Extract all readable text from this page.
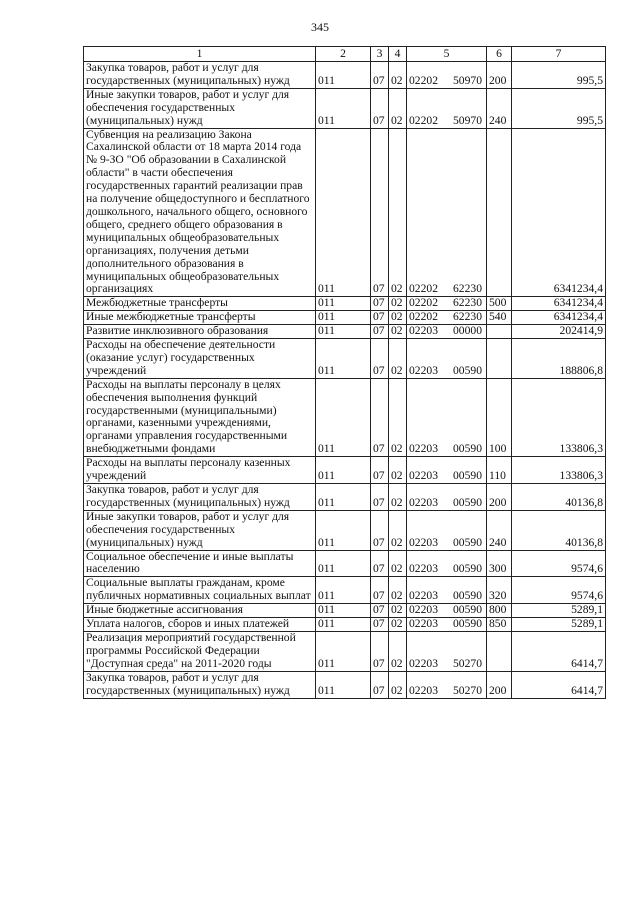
345
1	2	3	4	5	6	7
Закупка товаров, работ и услуг для государственных (муниципальных) нужд	011	07	02	02202 50970	200	995,5
Иные закупки товаров, работ и услуг для обеспечения государственных (муниципальных) нужд	011	07	02	02202 50970	240	995,5
Субвенция на реализацию Закона Сахалинской области от 18 марта 2014 года № 9-ЗО "Об образовании в Сахалинской области" в части обеспечения государственных гарантий реализации прав на получение общедоступного и бесплатного дошкольного, начального общего, основного общего, среднего общего образования в муниципальных общеобразовательных организациях, получения детьми дополнительного образования в муниципальных общеобразовательных организациях	011	07	02	02202 62230		6341234,4
Межбюджетные трансферты	011	07	02	02202 62230	500	6341234,4
Иные межбюджетные трансферты	011	07	02	02202 62230	540	6341234,4
Развитие инклюзивного образования	011	07	02	02203 00000		202414,9
Расходы на обеспечение деятельности (оказание услуг) государственных учреждений	011	07	02	02203 00590		188806,8
Расходы на выплаты персоналу в целях обеспечения выполнения функций государственными (муниципальными) органами, казенными учреждениями, органами управления государственными внебюджетными фондами	011	07	02	02203 00590	100	133806,3
Расходы на выплаты персоналу казенных учреждений	011	07	02	02203 00590	110	133806,3
Закупка товаров, работ и услуг для государственных (муниципальных) нужд	011	07	02	02203 00590	200	40136,8
Иные закупки товаров, работ и услуг для обеспечения государственных (муниципальных) нужд	011	07	02	02203 00590	240	40136,8
Социальное обеспечение и иные выплаты населению	011	07	02	02203 00590	300	9574,6
Социальные выплаты гражданам, кроме публичных нормативных социальных выплат	011	07	02	02203 00590	320	9574,6
Иные бюджетные ассигнования	011	07	02	02203 00590	800	5289,1
Уплата налогов, сборов и иных платежей	011	07	02	02203 00590	850	5289,1
Реализация мероприятий государственной программы Российской Федерации "Доступная среда" на 2011-2020 годы	011	07	02	02203 50270		6414,7
Закупка товаров, работ и услуг для государственных (муниципальных) нужд	011	07	02	02203 50270	200	6414,7
